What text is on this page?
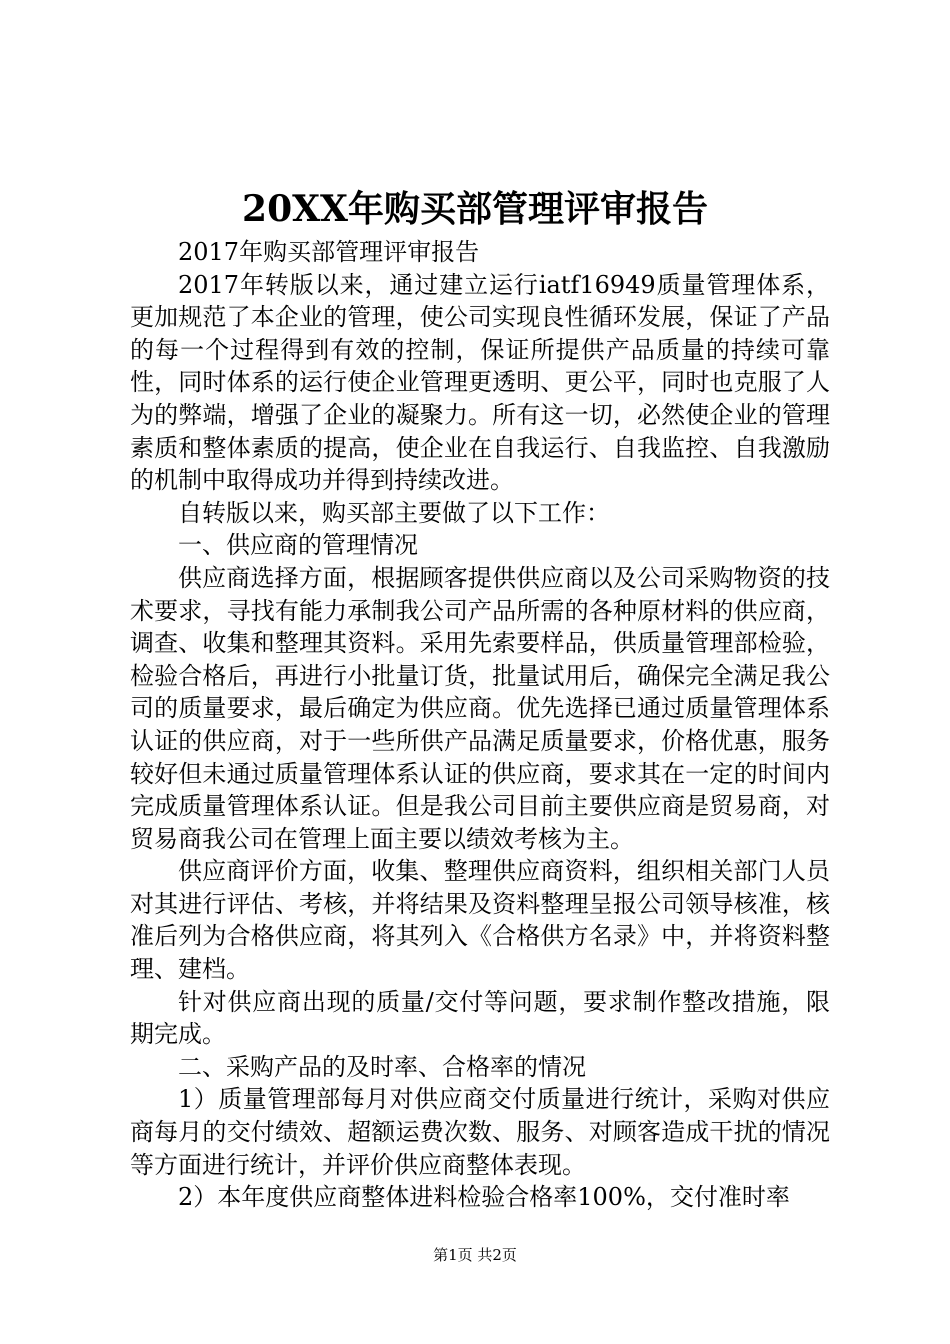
20XX年购买部管理评审报告

2017年购买部管理评审报告

2017年转版以来，通过建立运行iatf16949质量管理体系，更加规范了本企业的管理，使公司实现良性循环发展，保证了产品的每一个过程得到有效的控制，保证所提供产品质量的持续可靠性，同时体系的运行使企业管理更透明、更公平，同时也克服了人为的弊端，增强了企业的凝聚力。所有这一切，必然使企业的管理素质和整体素质的提高，使企业在自我运行、自我监控、自我激励的机制中取得成功并得到持续改进。

自转版以来，购买部主要做了以下工作：

一、供应商的管理情况

供应商选择方面，根据顾客提供供应商以及公司采购物资的技术要求，寻找有能力承制我公司产品所需的各种原材料的供应商，调查、收集和整理其资料。采用先索要样品，供质量管理部检验，检验合格后，再进行小批量订货，批量试用后，确保完全满足我公司的质量要求，最后确定为供应商。优先选择已通过质量管理体系认证的供应商，对于一些所供产品满足质量要求，价格优惠，服务较好但未通过质量管理体系认证的供应商，要求其在一定的时间内完成质量管理体系认证。但是我公司目前主要供应商是贸易商，对贸易商我公司在管理上面主要以绩效考核为主。

供应商评价方面，收集、整理供应商资料，组织相关部门人员对其进行评估、考核，并将结果及资料整理呈报公司领导核准，核准后列为合格供应商，将其列入《合格供方名录》中，并将资料整理、建档。

针对供应商出现的质量/交付等问题，要求制作整改措施，限期完成。

二、采购产品的及时率、合格率的情况

1）质量管理部每月对供应商交付质量进行统计，采购对供应商每月的交付绩效、超额运费次数、服务、对顾客造成干扰的情况等方面进行统计，并评价供应商整体表现。

2）本年度供应商整体进料检验合格率100%，交付准时率

第1页 共2页
